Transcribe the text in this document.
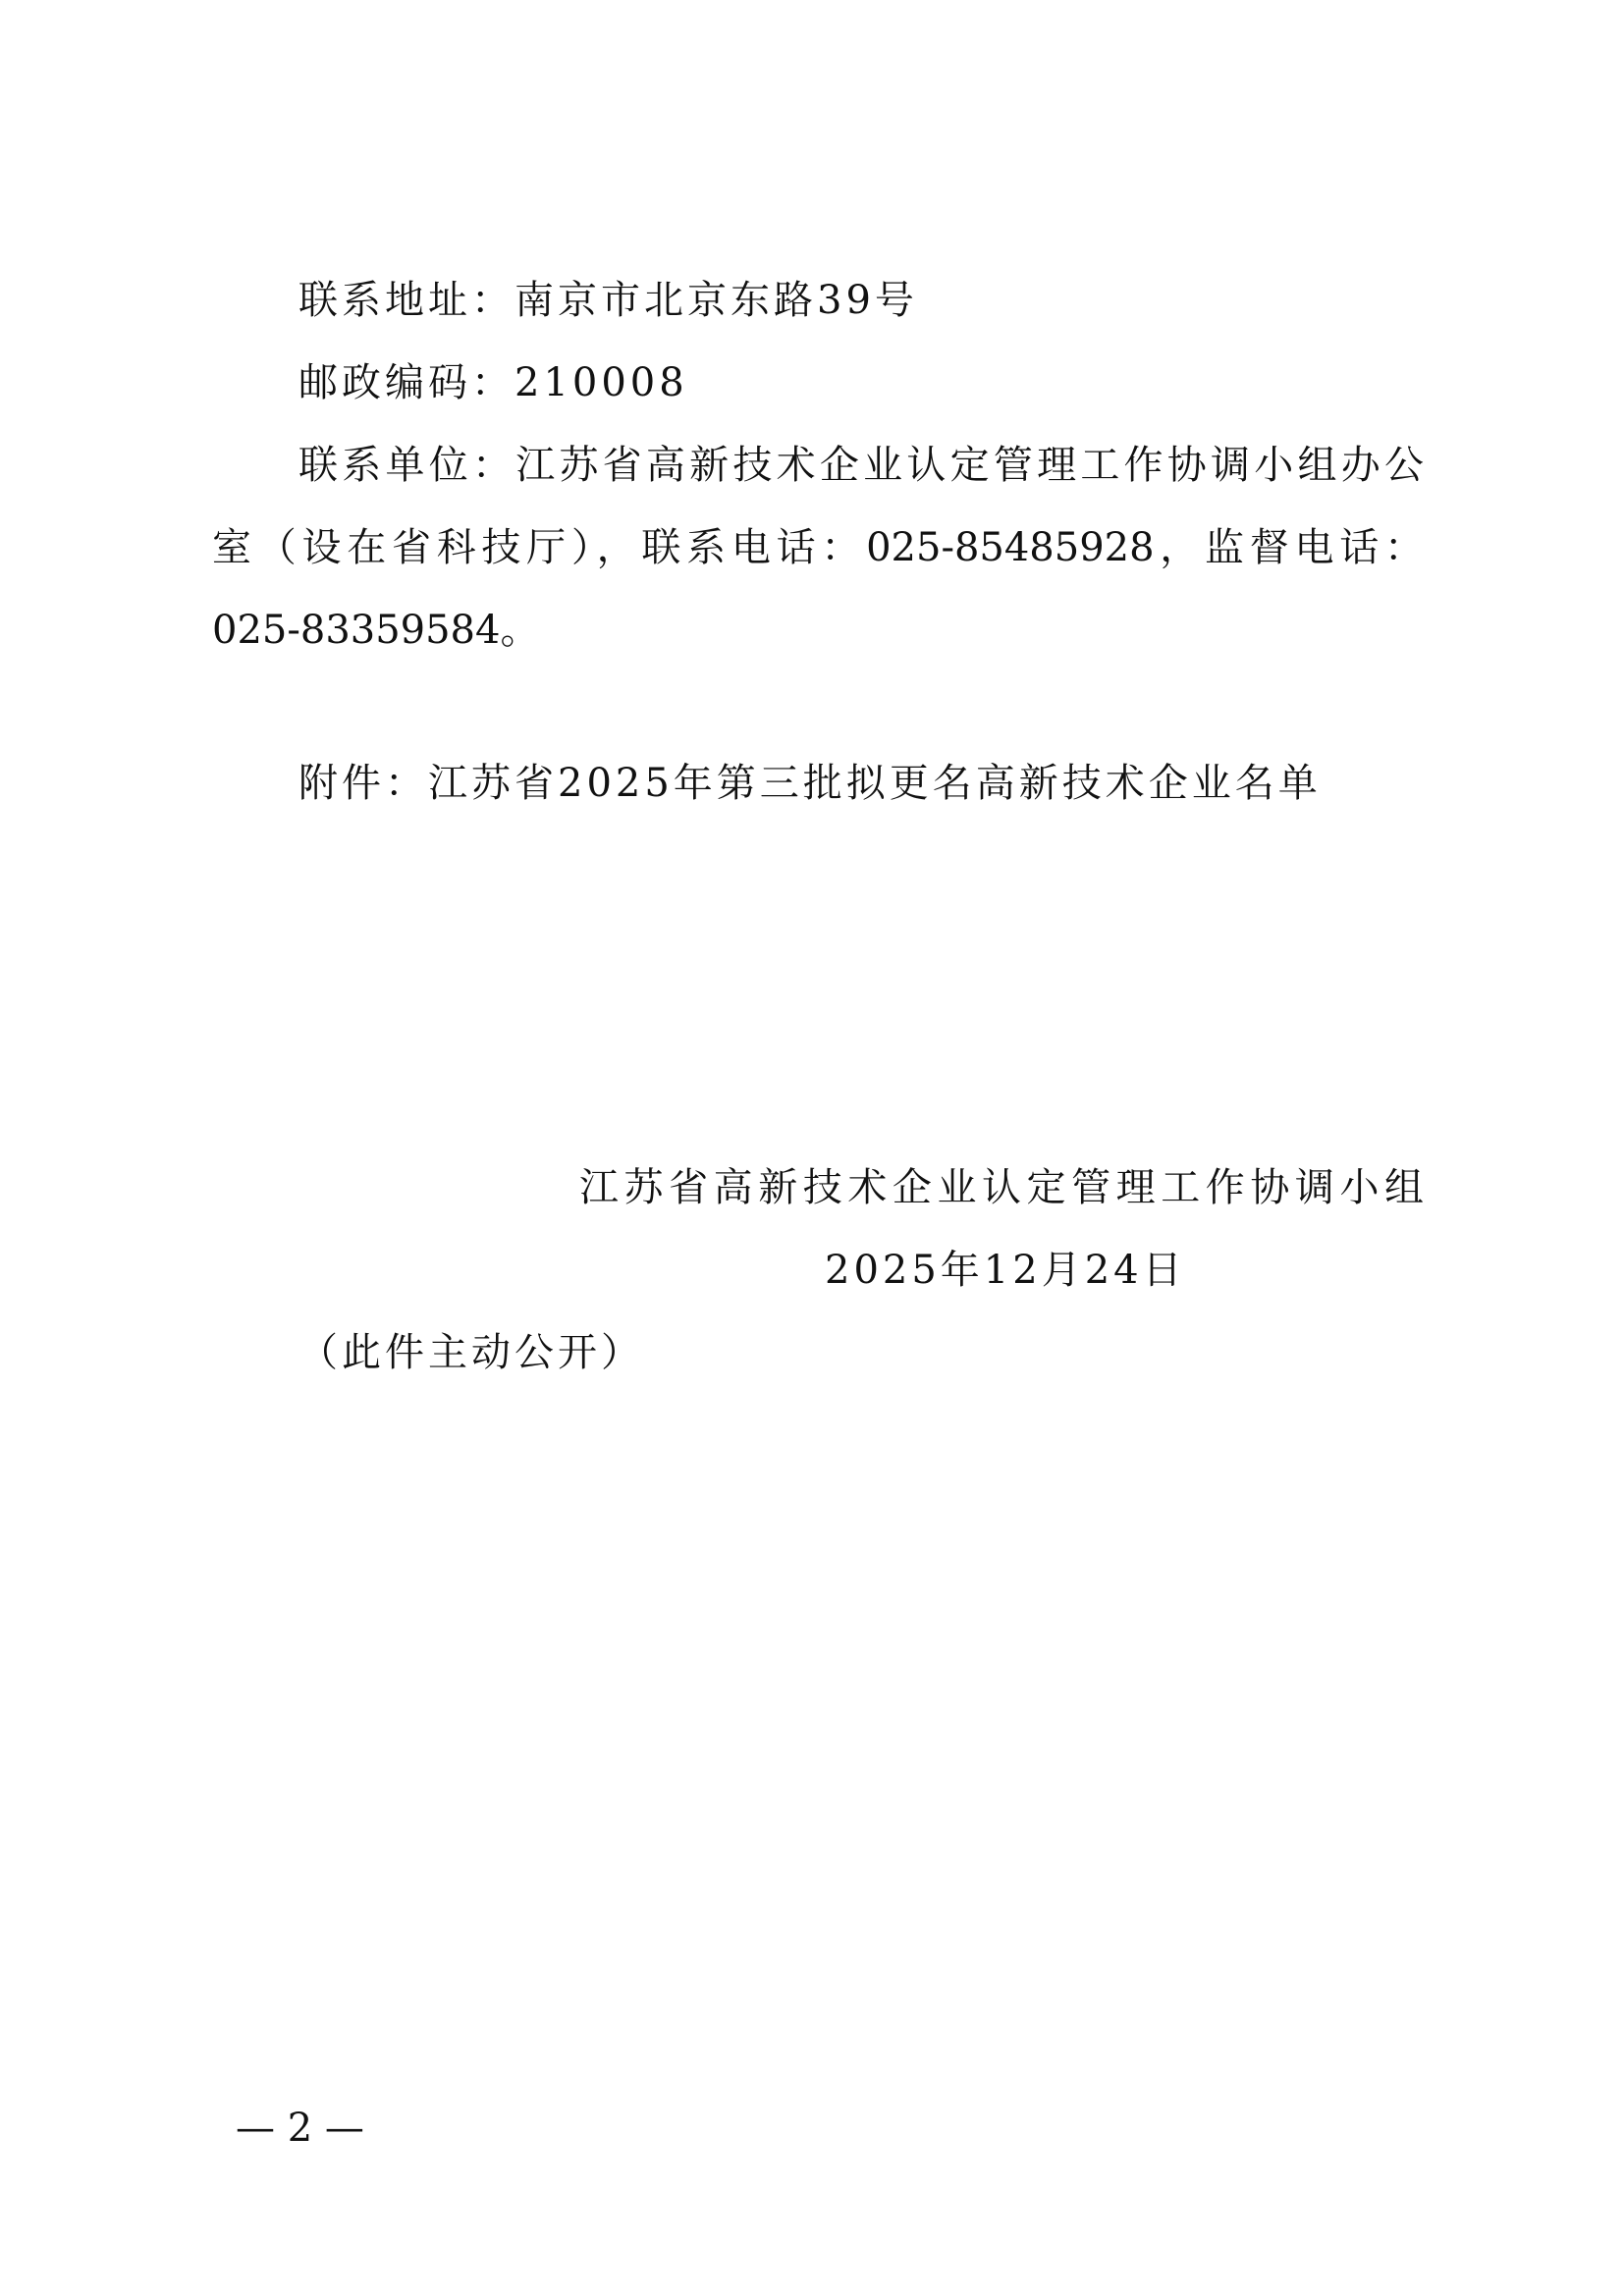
联系地址：南京市北京东路39号
邮政编码：210008
联系单位：江苏省高新技术企业认定管理工作协调小组办公
室（设在省科技厅），联系电话：025-85485928，监督电话：
025-83359584。
附件：江苏省2025年第三批拟更名高新技术企业名单
江苏省高新技术企业认定管理工作协调小组
2025年12月24日
（此件主动公开）
— 2 —
